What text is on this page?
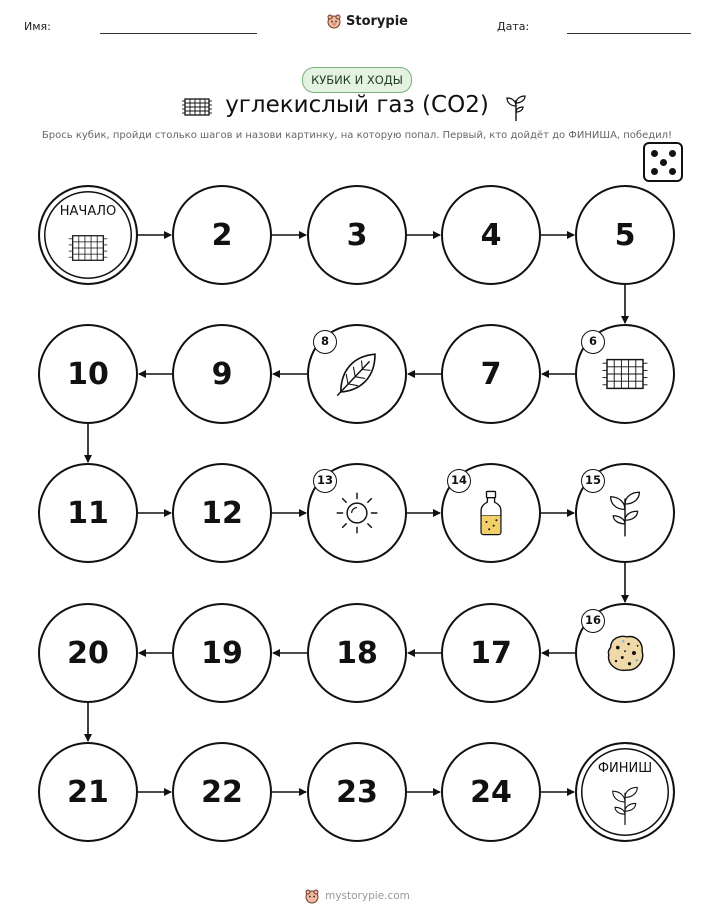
Имя:	Storypie	Дата:
КУБИК И ХОДЫ
углекислый газ (CO2)
Брось кубик, пройди столько шагов и назови картинку, на которую попал. Первый, кто дойдёт до ФИНИША, победил!
НАЧАЛО
2	3	4	5
6
7
8
9
10
11	12
13	14	15
16
17
18
19
20
21	22	23	24
ФИНИШ
mystorypie.com
